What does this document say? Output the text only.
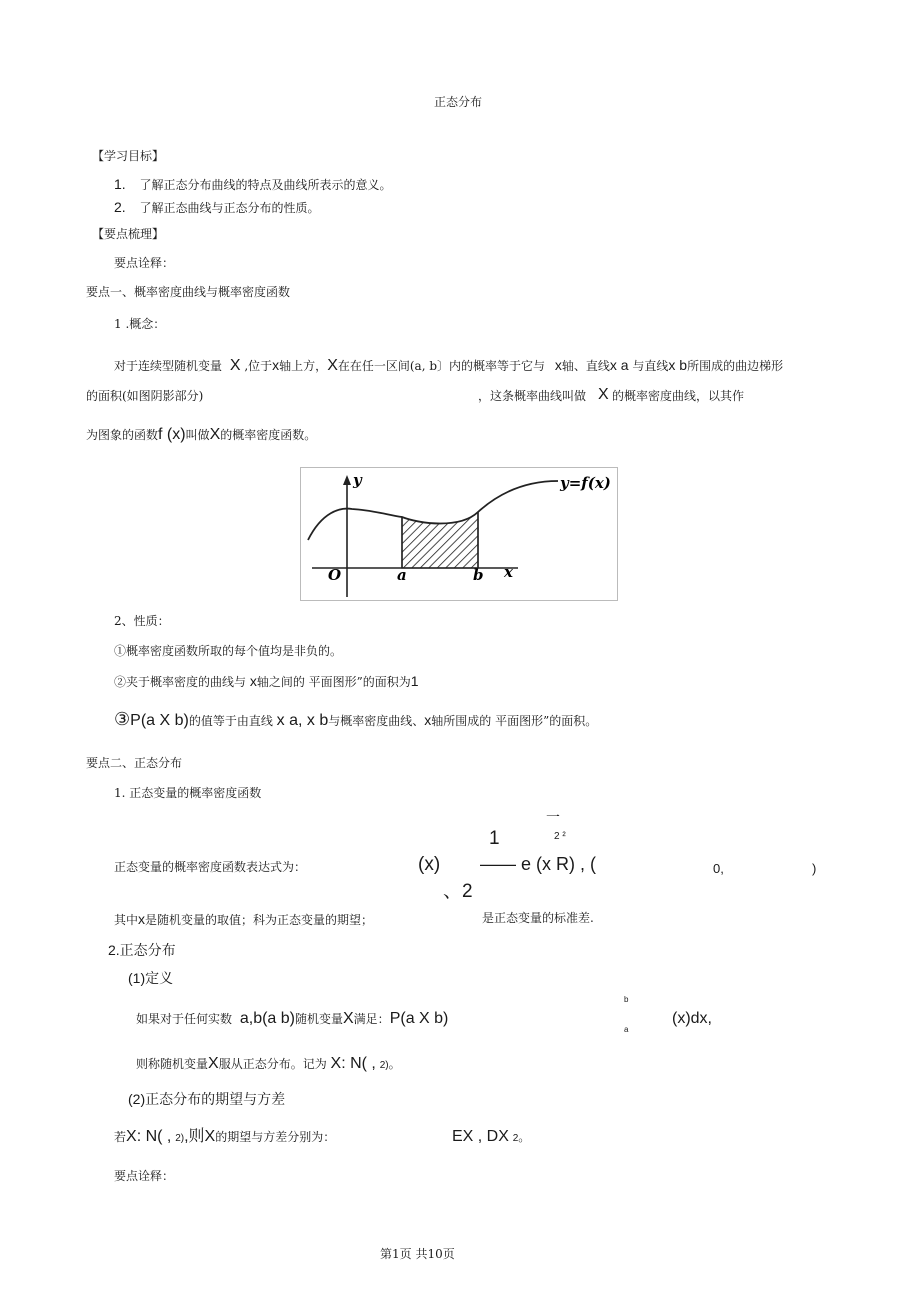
正态分布
【学习目标】
1. 了解正态分布曲线的特点及曲线所表示的意义。
2. 了解正态曲线与正态分布的性质。
【要点梳理】
要点诠释：
要点一、概率密度曲线与概率密度函数
1 .概念：
对于连续型随机变量 X ,位于x轴上方，X在在任一区间(a, b〕内的概率等于它与 x轴、直线x a 与直线x b所围成的曲边梯形
的面积(如图阴影部分)	，这条概率曲线叫做 X 的概率密度曲线，以其作
为图象的函数f (x)叫做X的概率密度函数。
y	y=f(x)
O	a	b x
2、性质：
①概率密度函数所取的每个值均是非负的。
②夹于概率密度的曲线与 x轴之间的 平面图形”的面积为1
③P(a X b)的值等于由直线 x a, x b与概率密度曲线、x轴所围成的 平面图形”的面积。
要点二、正态分布
1. 正态变量的概率密度函数
一
1	2 ²
正态变量的概率密度函数表达式为：	(x) —— e (x R) , (	0,	)
、2
其中x是随机变量的取值；科为正态变量的期望；	是正态变量的标准差.
2.正态分布
(1)定义
b
如果对于任何实数 a,b(a b)随机变量X满足：P(a X b)	(x)dx,
a
则称随机变量X服从正态分布。记为 X: N( , 2)。
(2)正态分布的期望与方差
若X: N( , 2),则X的期望与方差分别为：	EX , DX 2。
要点诠释：
第1页 共10页
